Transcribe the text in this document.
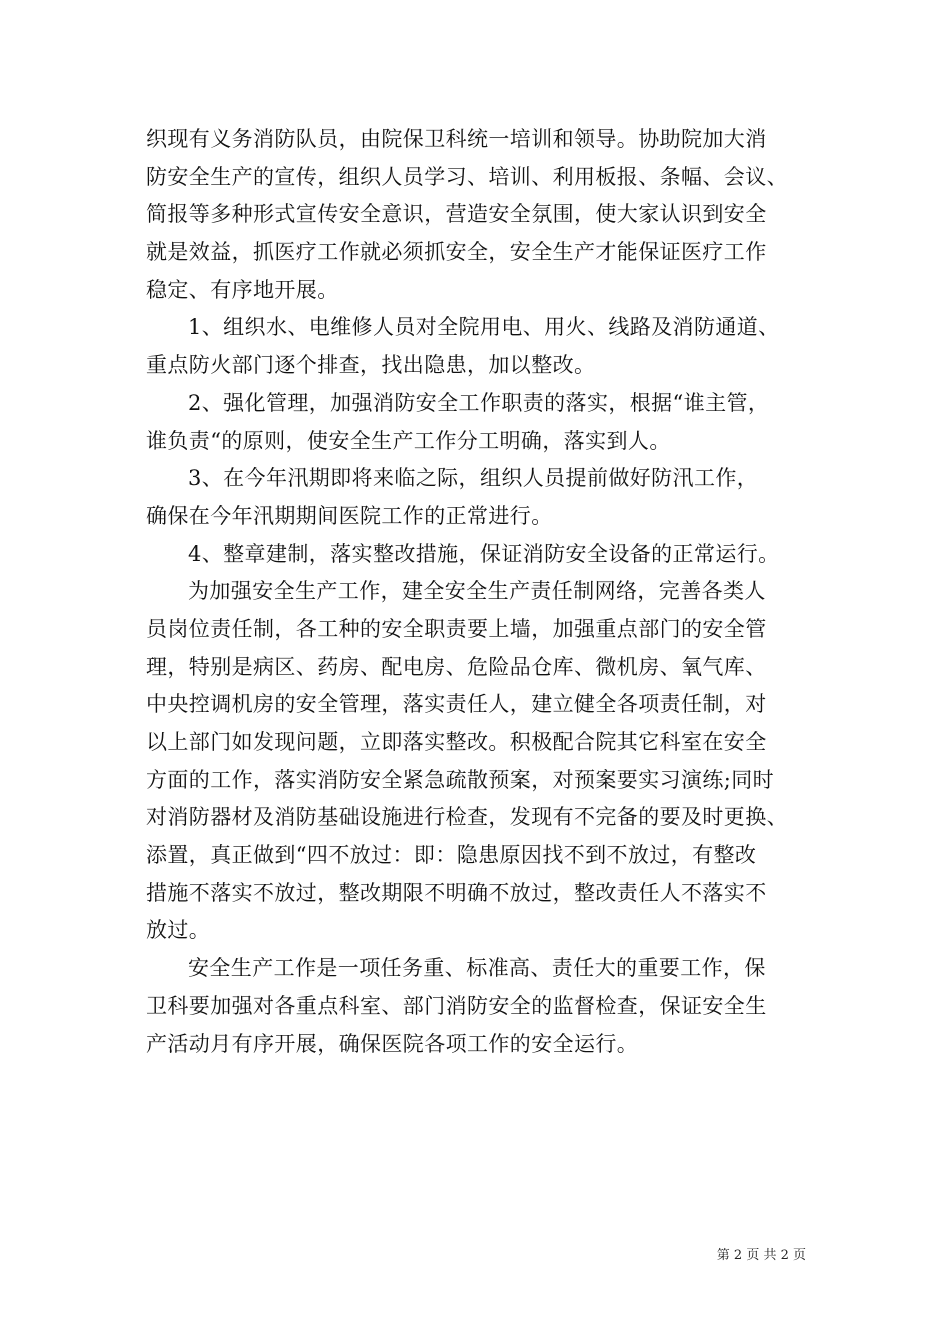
织现有义务消防队员，由院保卫科统一培训和领导。协助院加大消
防安全生产的宣传，组织人员学习、培训、利用板报、条幅、会议、
简报等多种形式宣传安全意识，营造安全氛围，使大家认识到安全
就是效益，抓医疗工作就必须抓安全，安全生产才能保证医疗工作
稳定、有序地开展。
1、组织水、电维修人员对全院用电、用火、线路及消防通道、
重点防火部门逐个排查，找出隐患，加以整改。
2、强化管理，加强消防安全工作职责的落实，根据“谁主管，
谁负责“的原则，使安全生产工作分工明确，落实到人。
3、在今年汛期即将来临之际，组织人员提前做好防汛工作，
确保在今年汛期期间医院工作的正常进行。
4、整章建制，落实整改措施，保证消防安全设备的正常运行。
为加强安全生产工作，建全安全生产责任制网络，完善各类人
员岗位责任制，各工种的安全职责要上墙，加强重点部门的安全管
理，特别是病区、药房、配电房、危险品仓库、微机房、氧气库、
中央控调机房的安全管理，落实责任人，建立健全各项责任制，对
以上部门如发现问题，立即落实整改。积极配合院其它科室在安全
方面的工作，落实消防安全紧急疏散预案，对预案要实习演练;同时
对消防器材及消防基础设施进行检查，发现有不完备的要及时更换、
添置，真正做到“四不放过：即：隐患原因找不到不放过，有整改
措施不落实不放过，整改期限不明确不放过，整改责任人不落实不
放过。
安全生产工作是一项任务重、标准高、责任大的重要工作，保
卫科要加强对各重点科室、部门消防安全的监督检查，保证安全生
产活动月有序开展，确保医院各项工作的安全运行。
第 2 页 共 2 页
